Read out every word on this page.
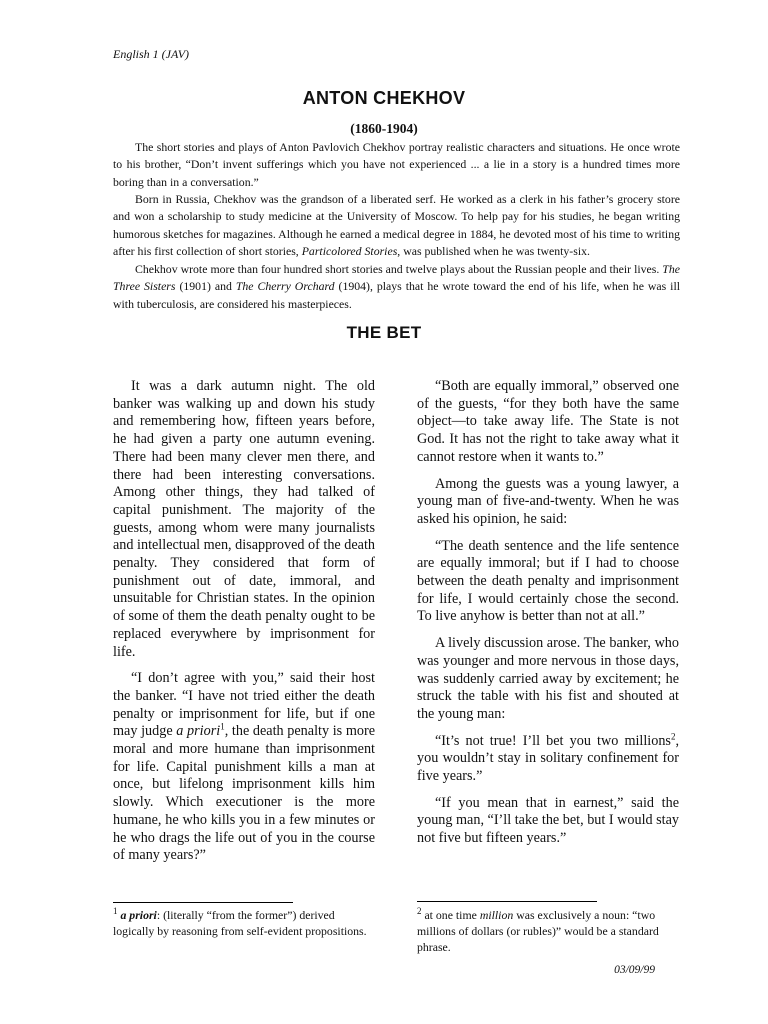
English 1 (JAV)
ANTON CHEKHOV
(1860-1904)

The short stories and plays of Anton Pavlovich Chekhov portray realistic characters and situations. He once wrote to his brother, “Don’t invent sufferings which you have not experienced ... a lie in a story is a hundred times more boring than in a conversation.”

Born in Russia, Chekhov was the grandson of a liberated serf. He worked as a clerk in his father’s grocery store and won a scholarship to study medicine at the University of Moscow. To help pay for his studies, he began writing humorous sketches for magazines. Although he earned a medical degree in 1884, he devoted most of his time to writing after his first collection of short stories, Particolored Stories, was published when he was twenty-six.

Chekhov wrote more than four hundred short stories and twelve plays about the Russian people and their lives. The Three Sisters (1901) and The Cherry Orchard (1904), plays that he wrote toward the end of his life, when he was ill with tuberculosis, are considered his masterpieces.

THE BET

It was a dark autumn night. The old banker was walking up and down his study and remembering how, fifteen years before, he had given a party one autumn evening. There had been many clever men there, and there had been interesting conversations. Among other things, they had talked of capital punishment. The majority of the guests, among whom were many journalists and intellectual men, disapproved of the death penalty. They considered that form of punishment out of date, immoral, and unsuitable for Christian states. In the opinion of some of them the death penalty ought to be replaced everywhere by imprisonment for life.

“I don’t agree with you,” said their host the banker. “I have not tried either the death penalty or imprisonment for life, but if one may judge a priori$^1$, the death penalty is more moral and more humane than imprisonment for life. Capital punishment kills a man at once, but lifelong imprisonment kills him slowly. Which executioner is the more humane, he who kills you in a few minutes or he who drags the life out of you in the course of many years?”

“Both are equally immoral,” observed one of the guests, “for they both have the same object—to take away life. The State is not God. It has not the right to take away what it cannot restore when it wants to.”

Among the guests was a young lawyer, a young man of five-and-twenty. When he was asked his opinion, he said:

“The death sentence and the life sentence are equally immoral; but if I had to choose between the death penalty and imprisonment for life, I would certainly chose the second. To live anyhow is better than not at all.”

A lively discussion arose. The banker, who was younger and more nervous in those days, was suddenly carried away by excitement; he struck the table with his fist and shouted at the young man:

“It’s not true! I’ll bet you two millions$^2$, you wouldn’t stay in solitary confinement for five years.”

“If you mean that in earnest,” said the young man, “I’ll take the bet, but I would stay not five but fifteen years.”

$^1$ a priori: (literally “from the former”) derived logically by reasoning from self-evident propositions.
$^2$ at one time million was exclusively a noun: “two millions of dollars (or rubles)” would be a standard phrase.
03/09/99
